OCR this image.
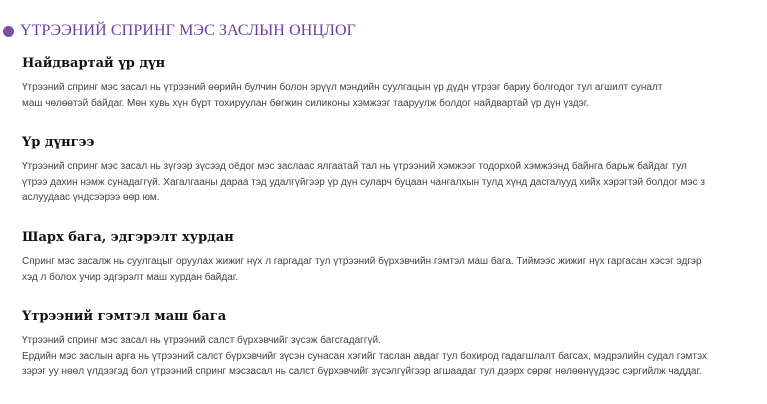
ҮТРЭЭНИЙ СПРИНГ МЭС ЗАСЛЫН ОНЦЛОГ
Найдвартай үр дүн
Үтрээний спринг мэс засал нь үтрээний өөрийн булчин болон эрүүл мэндийн суулгацын үр дүдн үтрээг бариу болгодог тул агшилт суналт
маш чөлөөтэй байдаг. Мөн хувь хүн бүрт тохируулан бөгжин силиконы хэмжээг тааруулж болдог найдвартай үр дүн үздэг.
Үр дүнгээ
Үтрээний спринг мэс засал нь зүгээр зүсээд оёдог мэс заслаас ялгаатай тал нь үтрээний хэмжээг тодорхой хэмжээнд байнга барьж байдаг тул
үтрээ дахин нэмж сунадаггүй. Хагалгааны дараа тэд удалгүйгээр үр дүн суларч буцаан чангалхын тулд хүнд дасгалууд хийх хэрэгтэй болдог мэс з
аслуудаас үндсээрээ өөр юм.
Шарх бага, эдгэрэлт хурдан
Спринг мэс засалж нь суулгацыг оруулах жижиг нүх л гаргадаг тул үтрээний бүрхэвчийн гэмтэл маш бага. Тиймээс жижиг нүх гаргасан хэсэг эдгэр
хэд л болох учир эдгэрэлт маш хурдан байдаг.
Үтрээний гэмтэл маш бага
Үтрээний спринг мэс засал нь үтрээний салст бүрхэвчийг зүсэж багсгадаггүй.
Ердийн мэс заслын арга нь үтрээний салст бүрхэвчийг зүсэн сунасан хэгийг таслан авдаг тул бохирод гадагшлалт багсах, мэдрэлийн судал гэмтэх
зэрэг уу нөөл үлдээгэд бол үтрээний спринг мэсзасал нь салст бүрхэвчийг зүсэлгүйгээр агшаадаг тул дээрх сөрөг нөлөөнүүдээс сэргийлж чаддаг.
